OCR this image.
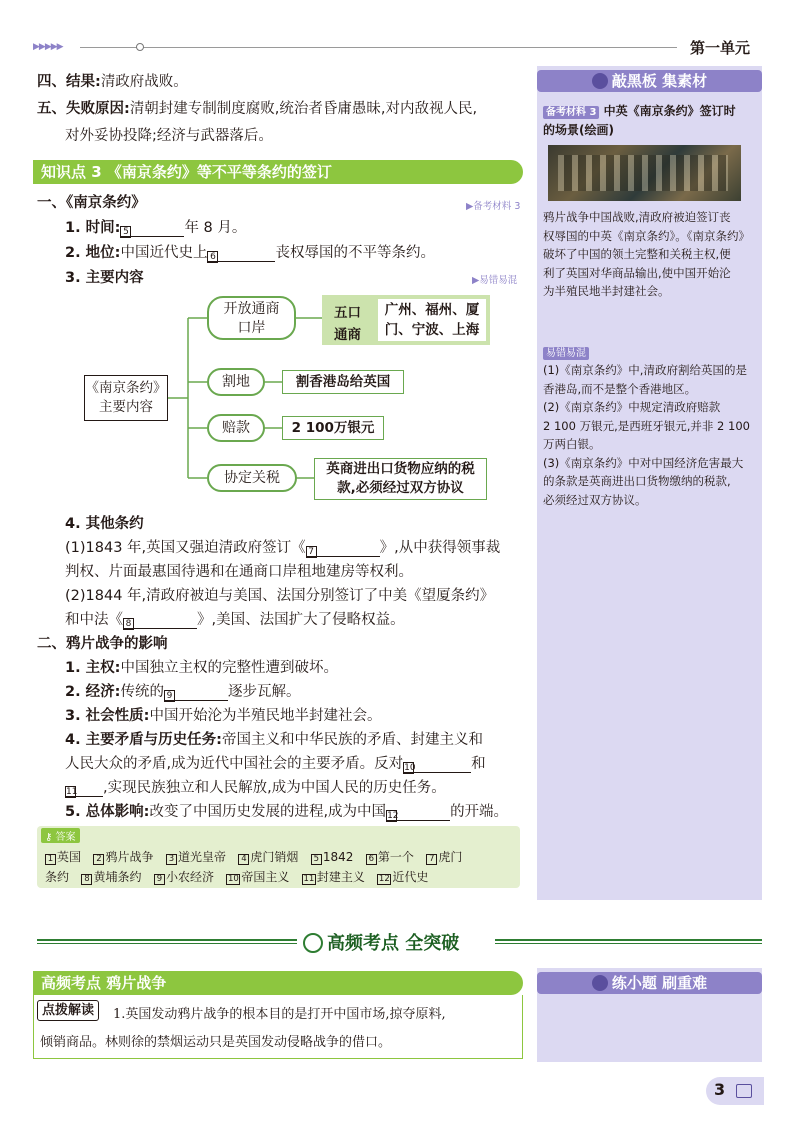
▶▶▶▶▶	第一单元
四、结果:清政府战败。
五、失败原因:清朝封建专制制度腐败,统治者昏庸愚昧,对内敌视人民,
对外妥协投降;经济与武器落后。
知识点 3 《南京条约》等不平等条约的签订
一、《南京条约》	▶备考材料 3
1. 时间: 5	年 8 月。
2. 地位:中国近代史上 6	丧权辱国的不平等条约。
3. 主要内容	▶易错易混
《南京条约》
主要内容
开放通商
口岸
五口
通商
广州、福州、厦
门、宁波、上海
割地	割香港岛给英国
赔款	2 100万银元
协定关税
英商进出口货物应纳的税
款,必须经过双方协议
4. 其他条约
(1)1843 年,英国又强迫清政府签订《 7	》,从中获得领事裁
判权、片面最惠国待遇和在通商口岸租地建房等权利。
(2)1844 年,清政府被迫与美国、法国分别签订了中美《望厦条约》
和中法《 8	》,美国、法国扩大了侵略权益。
二、鸦片战争的影响
1. 主权:中国独立主权的完整性遭到破坏。
2. 经济:传统的 9	逐步瓦解。
3. 社会性质:中国开始沦为半殖民地半封建社会。
4. 主要矛盾与历史任务:帝国主义和中华民族的矛盾、封建主义和
人民大众的矛盾,成为近代中国社会的主要矛盾。反对10	和
11 ,实现民族独立和人民解放,成为中国人民的历史任务。
5. 总体影响:改变了中国历史发展的进程,成为中国12	的开端。
⚷ 答案
1 英国 2 鸦片战争 3 道光皇帝 4 虎门销烟 5 1842 6 第一个 7 虎门
条约 8 黄埔条约 9 小农经济 10 帝国主义 11 封建主义 12 近代史
敲黑板 集素材
备考材料 3 中英《南京条约》签订时
的场景(绘画)
鸦片战争中国战败,清政府被迫签订丧
权辱国的中英《南京条约》。《南京条约》
破坏了中国的领土完整和关税主权,便
利了英国对华商品输出,使中国开始沦
为半殖民地半封建社会。
易错易混
(1)《南京条约》中,清政府割给英国的是
香港岛,而不是整个香港地区。
(2)《南京条约》中规定清政府赔款
2 100 万银元,是西班牙银元,并非 2 100
万两白银。
(3)《南京条约》中对中国经济危害最大
的条款是英商进出口货物缴纳的税款,
必须经过双方协议。
高频考点 全突破
高频考点 鸦片战争
点拨解读	1.英国发动鸦片战争的根本目的是打开中国市场,掠夺原料,
倾销商品。林则徐的禁烟运动只是英国发动侵略战争的借口。
练小题 刷重难
3
